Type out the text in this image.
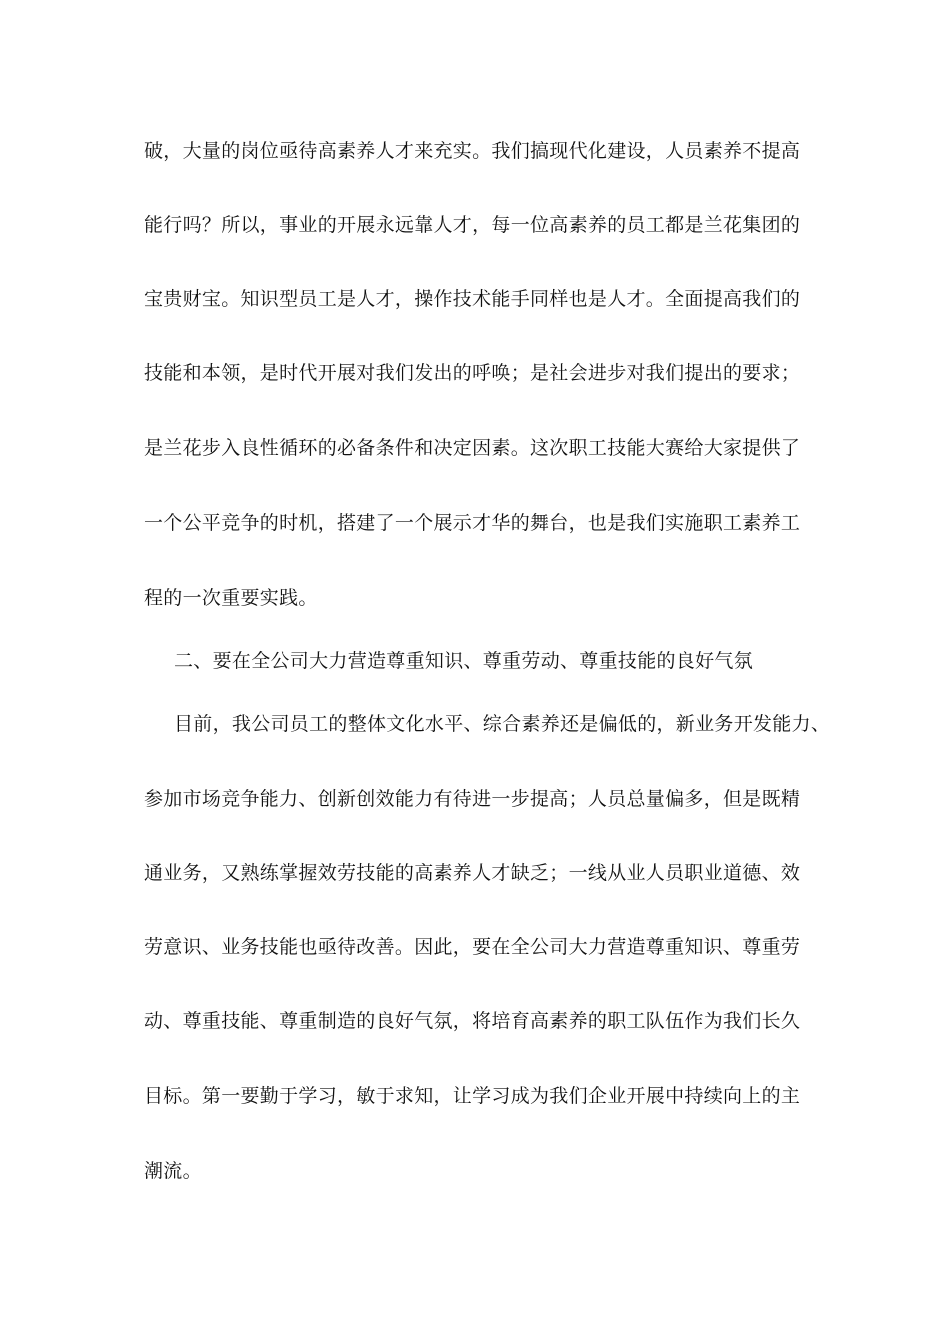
破，大量的岗位亟待高素养人才来充实。我们搞现代化建设，人员素养不提高
能行吗？所以，事业的开展永远靠人才，每一位高素养的员工都是兰花集团的
宝贵财宝。知识型员工是人才，操作技术能手同样也是人才。全面提高我们的
技能和本领，是时代开展对我们发出的呼唤；是社会进步对我们提出的要求；
是兰花步入良性循环的必备条件和决定因素。这次职工技能大赛给大家提供了
一个公平竞争的时机，搭建了一个展示才华的舞台，也是我们实施职工素养工
程的一次重要实践。
二、要在全公司大力营造尊重知识、尊重劳动、尊重技能的良好气氛
目前，我公司员工的整体文化水平、综合素养还是偏低的，新业务开发能力、
参加市场竞争能力、创新创效能力有待进一步提高；人员总量偏多，但是既精
通业务，又熟练掌握效劳技能的高素养人才缺乏；一线从业人员职业道德、效
劳意识、业务技能也亟待改善。因此，要在全公司大力营造尊重知识、尊重劳
动、尊重技能、尊重制造的良好气氛，将培育高素养的职工队伍作为我们长久
目标。第一要勤于学习，敏于求知，让学习成为我们企业开展中持续向上的主
潮流。
